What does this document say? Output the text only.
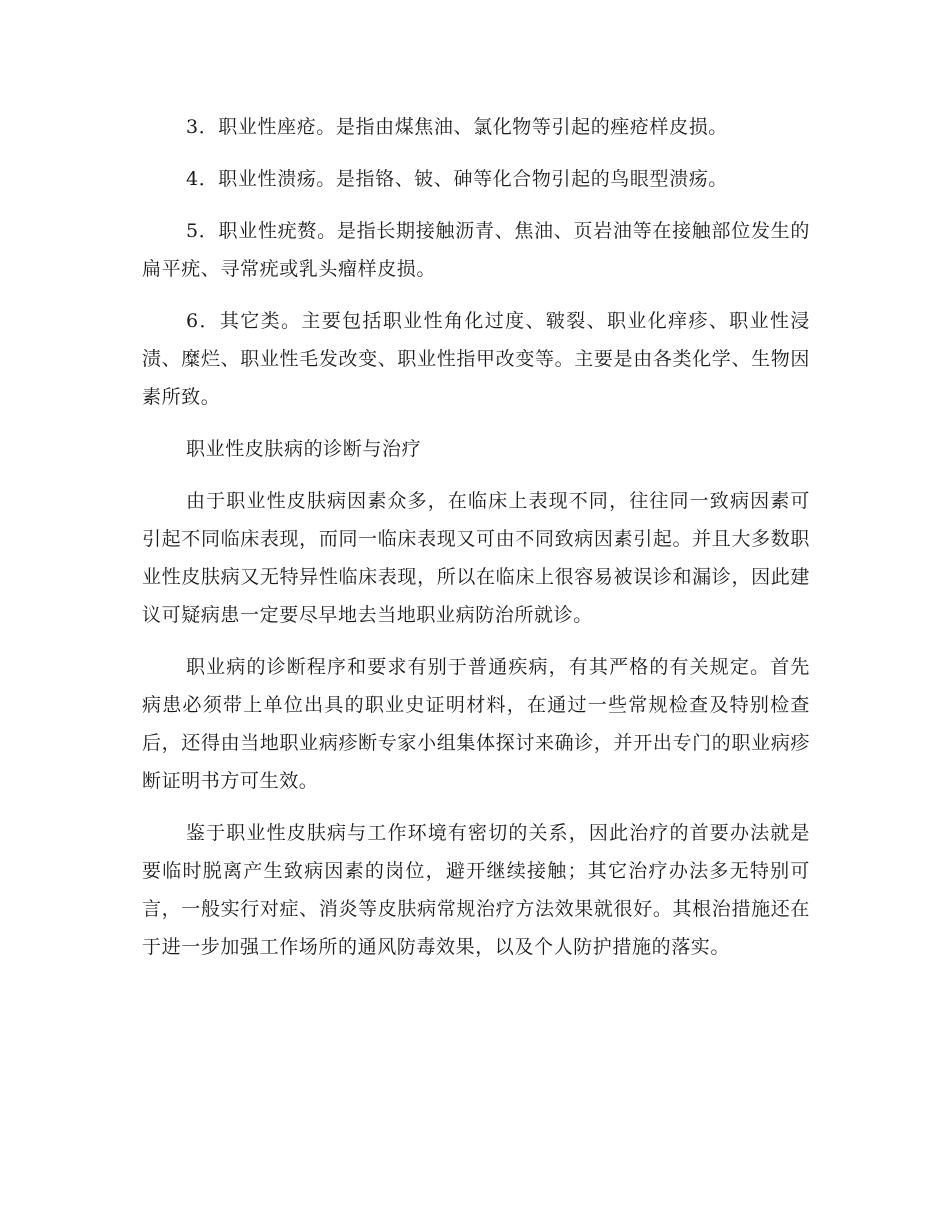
3．职业性座疮。是指由煤焦油、氯化物等引起的痤疮样皮损。

4．职业性溃疡。是指铬、铍、砷等化合物引起的鸟眼型溃疡。

5．职业性疣赘。是指长期接触沥青、焦油、页岩油等在接触部位发生的扁平疣、寻常疣或乳头瘤样皮损。

6．其它类。主要包括职业性角化过度、皲裂、职业化痒疹、职业性浸渍、糜烂、职业性毛发改变、职业性指甲改变等。主要是由各类化学、生物因素所致。

职业性皮肤病的诊断与治疗

由于职业性皮肤病因素众多，在临床上表现不同，往往同一致病因素可引起不同临床表现，而同一临床表现又可由不同致病因素引起。并且大多数职业性皮肤病又无特异性临床表现，所以在临床上很容易被误诊和漏诊，因此建议可疑病患一定要尽早地去当地职业病防治所就诊。

职业病的诊断程序和要求有别于普通疾病，有其严格的有关规定。首先病患必须带上单位出具的职业史证明材料，在通过一些常规检查及特别检查后，还得由当地职业病疹断专家小组集体探讨来确诊，并开出专门的职业病疹断证明书方可生效。

鉴于职业性皮肤病与工作环境有密切的关系，因此治疗的首要办法就是要临时脱离产生致病因素的岗位，避开继续接触；其它治疗办法多无特别可言，一般实行对症、消炎等皮肤病常规治疗方法效果就很好。其根治措施还在于进一步加强工作场所的通风防毒效果，以及个人防护措施的落实。
